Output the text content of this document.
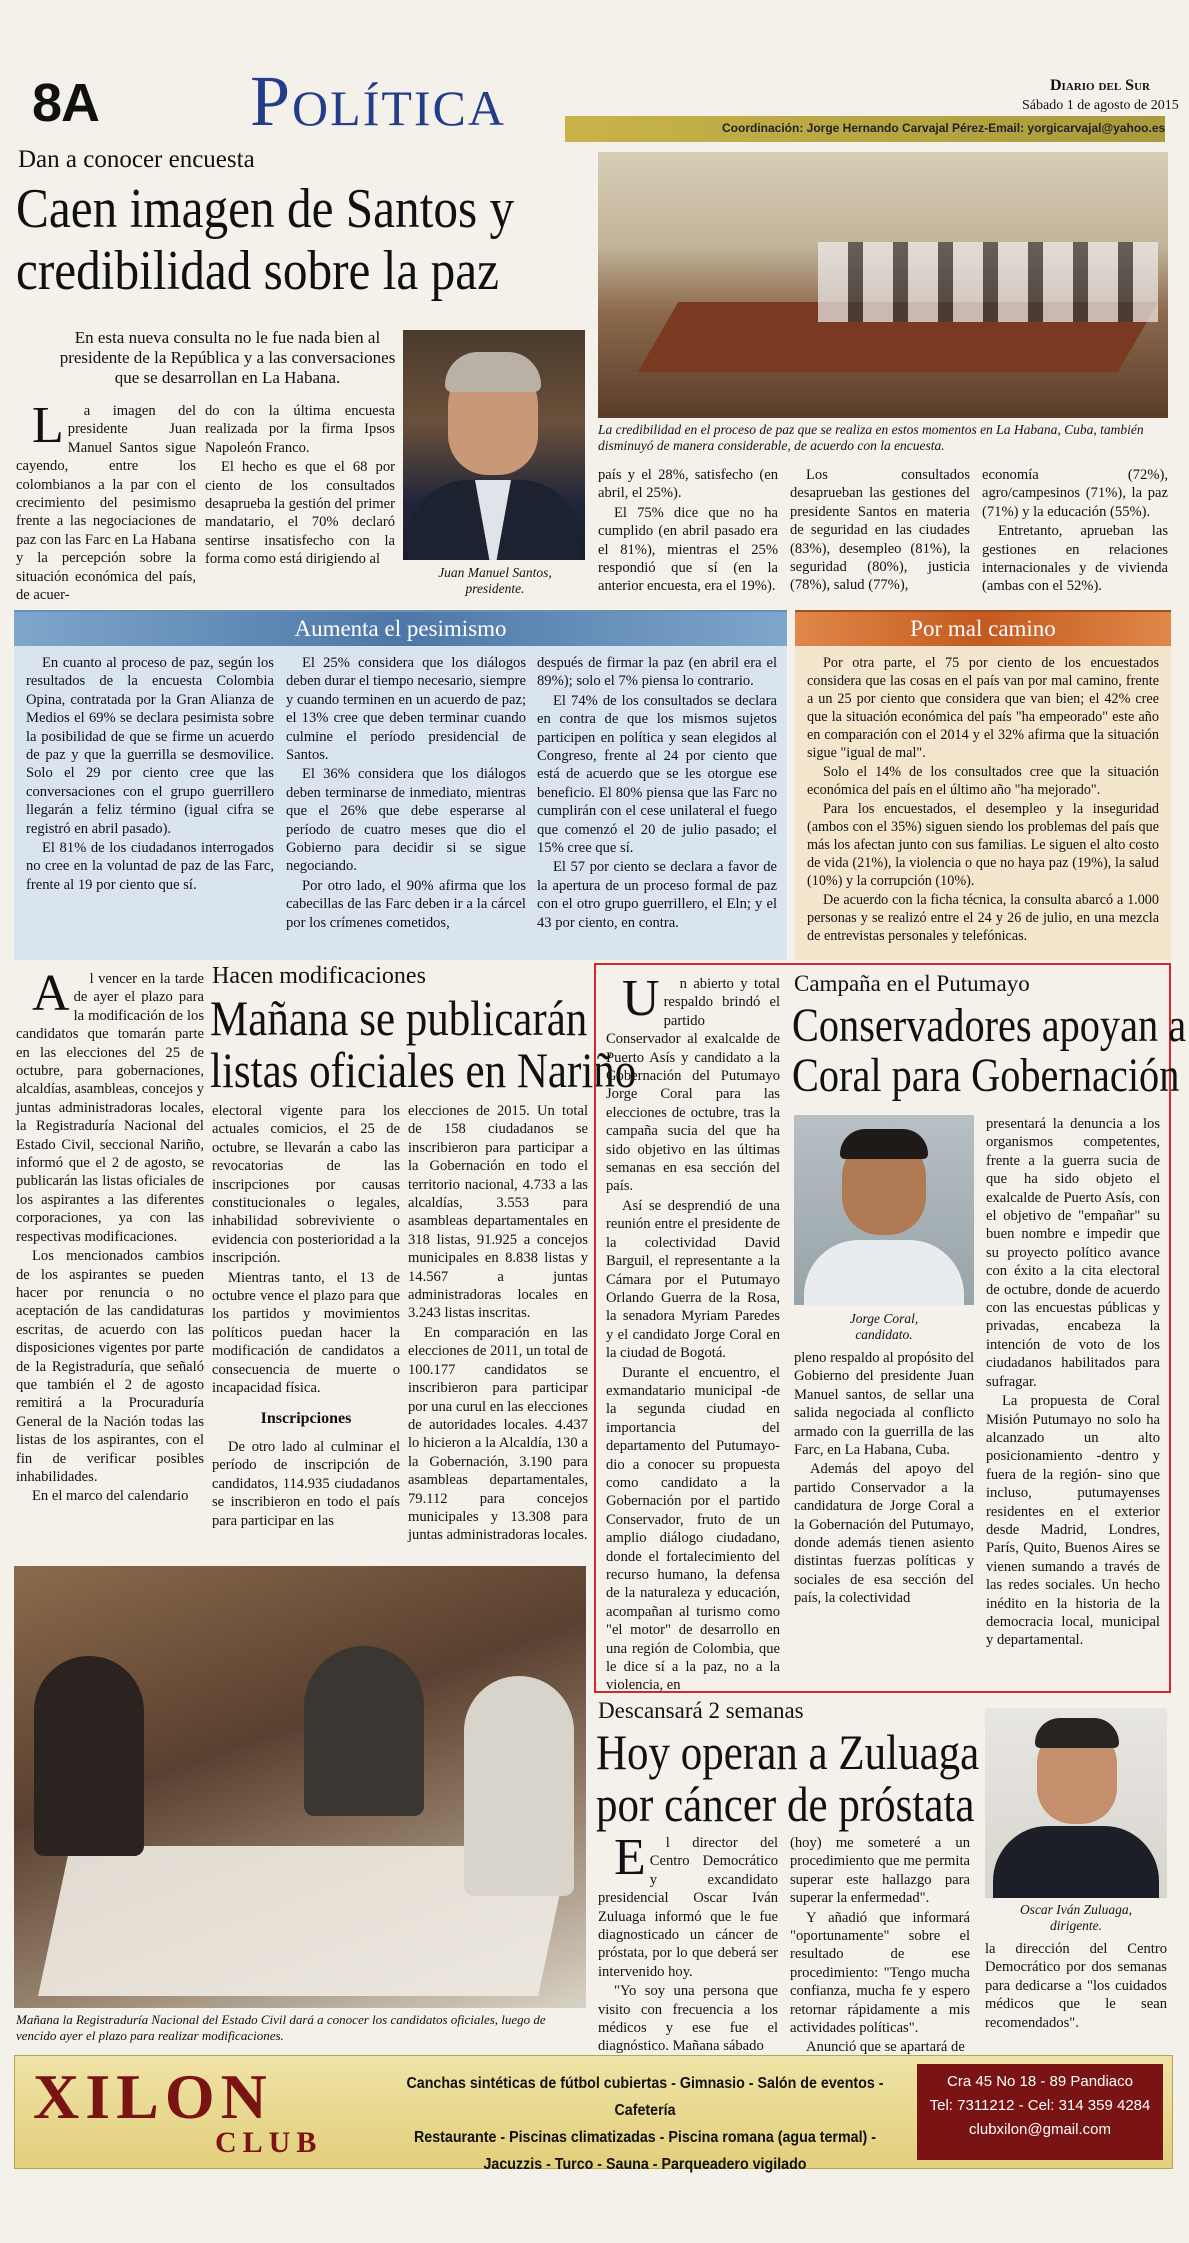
8A Política	Diario del Sur
Sábado 1 de agosto de 2015
Coordinación: Jorge Hernando Carvajal Pérez-Email: yorgicarvajal@yahoo.es
Dan a conocer encuesta
Caen imagen de Santos y
credibilidad sobre la paz
En esta nueva consulta no le fue nada bien al presidente de la República y a las conversaciones que se desarrollan en La Habana.

La imagen del presidente Juan Manuel Santos sigue cayendo, entre los colombianos a la par con el crecimiento del pesimismo frente a las negociaciones de paz con las Farc en La Habana y la percepción sobre la situación económica del país, de acuer-

do con la última encuesta realizada por la firma Ipsos Napoleón Franco.

El hecho es que el 68 por ciento de los consultados desaprueba la gestión del primer mandatario, el 70% declaró sentirse insatisfecho con la forma como está dirigiendo al

Juan Manuel Santos,
presidente.
La credibilidad en el proceso de paz que se realiza en estos momentos en La Habana, Cuba, también disminuyó de manera considerable, de acuerdo con la encuesta.

país y el 28%, satisfecho (en abril, el 25%).

El 75% dice que no ha cumplido (en abril pasado era el 81%), mientras el 25% respondió que sí (en la anterior encuesta, era el 19%).

Los consultados desaprueban las gestiones del presidente Santos en materia de seguridad en las ciudades (83%), desempleo (81%), la seguridad (80%), justicia (78%), salud (77%),

economía (72%), agro/campesinos (71%), la paz (71%) y la educación (55%).

Entretanto, aprueban las gestiones en relaciones internacionales y de vivienda (ambas con el 52%).

Aumenta el pesimismo

En cuanto al proceso de paz, según los resultados de la encuesta Colombia Opina, contratada por la Gran Alianza de Medios el 69% se declara pesimista sobre la posibilidad de que se firme un acuerdo de paz y que la guerrilla se desmovilice. Solo el 29 por ciento cree que las conversaciones con el grupo guerrillero llegarán a feliz término (igual cifra se registró en abril pasado).

El 81% de los ciudadanos interrogados no cree en la voluntad de paz de las Farc, frente al 19 por ciento que sí.

El 25% considera que los diálogos deben durar el tiempo necesario, siempre y cuando terminen en un acuerdo de paz; el 13% cree que deben terminar cuando culmine el período presidencial de Santos.

El 36% considera que los diálogos deben terminarse de inmediato, mientras que el 26% que debe esperarse al período de cuatro meses que dio el Gobierno para decidir si se sigue negociando.

Por otro lado, el 90% afirma que los cabecillas de las Farc deben ir a la cárcel por los crímenes cometidos,

después de firmar la paz (en abril era el 89%); solo el 7% piensa lo contrario.

El 74% de los consultados se declara en contra de que los mismos sujetos participen en política y sean elegidos al Congreso, frente al 24 por ciento que está de acuerdo que se les otorgue ese beneficio. El 80% piensa que las Farc no cumplirán con el cese unilateral el fuego que comenzó el 20 de julio pasado; el 15% cree que sí.

El 57 por ciento se declara a favor de la apertura de un proceso formal de paz con el otro grupo guerrillero, el Eln; y el 43 por ciento, en contra.

Por mal camino

Por otra parte, el 75 por ciento de los encuestados considera que las cosas en el país van por mal camino, frente a un 25 por ciento que considera que van bien; el 42% cree que la situación económica del país "ha empeorado" este año en comparación con el 2014 y el 32% afirma que la situación sigue "igual de mal".

Solo el 14% de los consultados cree que la situación económica del país en el último año "ha mejorado".

Para los encuestados, el desempleo y la inseguridad (ambos con el 35%) siguen siendo los problemas del país que más los afectan junto con sus familias. Le siguen el alto costo de vida (21%), la violencia o que no haya paz (19%), la salud (10%) y la corrupción (10%).

De acuerdo con la ficha técnica, la consulta abarcó a 1.000 personas y se realizó entre el 24 y 26 de julio, en una mezcla de entrevistas personales y telefónicas.

Al vencer en la tarde de ayer el plazo para la modificación de los candidatos que tomarán parte en las elecciones del 25 de octubre, para gobernaciones, alcaldías, asambleas, concejos y juntas administradoras locales, la Registraduría Nacional del Estado Civil, seccional Nariño, informó que el 2 de agosto, se publicarán las listas oficiales de los aspirantes a las diferentes corporaciones, ya con las respectivas modificaciones.

Los mencionados cambios de los aspirantes se pueden hacer por renuncia o no aceptación de las candidaturas escritas, de acuerdo con las disposiciones vigentes por parte de la Registraduría, que señaló que también el 2 de agosto remitirá a la Procuraduría General de la Nación todas las listas de los aspirantes, con el fin de verificar posibles inhabilidades.

En el marco del calendario

Hacen modificaciones
Mañana se publicarán
listas oficiales en Nariño

electoral vigente para los actuales comicios, el 25 de octubre, se llevarán a cabo las revocatorias de las inscripciones por causas constitucionales o legales, inhabilidad sobreviviente o evidencia con posterioridad a la inscripción.

Mientras tanto, el 13 de octubre vence el plazo para que los partidos y movimientos políticos puedan hacer la modificación de candidatos a consecuencia de muerte o incapacidad física.

Inscripciones

De otro lado al culminar el período de inscripción de candidatos, 114.935 ciudadanos se inscribieron en todo el país para participar en las

elecciones de 2015. Un total de 158 ciudadanos se inscribieron para participar a la Gobernación en todo el territorio nacional, 4.733 a las alcaldías, 3.553 para asambleas departamentales en 318 listas, 91.925 a concejos municipales en 8.838 listas y 14.567 a juntas administradoras locales en 3.243 listas inscritas.

En comparación en las elecciones de 2011, un total de 100.177 candidatos se inscribieron para participar por una curul en las elecciones de autoridades locales. 4.437 lo hicieron a la Alcaldía, 130 a la Gobernación, 3.190 para asambleas departamentales, 79.112 para concejos municipales y 13.308 para juntas administradoras locales.

Mañana la Registraduría Nacional del Estado Civil dará a conocer los candidatos oficiales, luego de vencido ayer el plazo para realizar modificaciones.

Un abierto y total respaldo brindó el partido Conservador al exalcalde de Puerto Asís y candidato a la Gobernación del Putumayo Jorge Coral para las elecciones de octubre, tras la campaña sucia del que ha sido objetivo en las últimas semanas en esa sección del país.

Así se desprendió de una reunión entre el presidente de la colectividad David Barguil, el representante a la Cámara por el Putumayo Orlando Guerra de la Rosa, la senadora Myriam Paredes y el candidato Jorge Coral en la ciudad de Bogotá.

Durante el encuentro, el exmandatario municipal -de la segunda ciudad en importancia del departamento del Putumayo- dio a conocer su propuesta como candidato a la Gobernación por el partido Conservador, fruto de un amplio diálogo ciudadano, donde el fortalecimiento del recurso humano, la defensa de la naturaleza y educación, acompañan al turismo como "el motor" de desarrollo en una región de Colombia, que le dice sí a la paz, no a la violencia, en

Campaña en el Putumayo
Conservadores apoyan a
Coral para Gobernación
Jorge Coral,
candidato.

pleno respaldo al propósito del Gobierno del presidente Juan Manuel santos, de sellar una salida negociada al conflicto armado con la guerrilla de las Farc, en La Habana, Cuba.

Además del apoyo del partido Conservador a la candidatura de Jorge Coral a la Gobernación del Putumayo, donde además tienen asiento distintas fuerzas políticas y sociales de esa sección del país, la colectividad

presentará la denuncia a los organismos competentes, frente a la guerra sucia de que ha sido objeto el exalcalde de Puerto Asís, con el objetivo de "empañar" su buen nombre e impedir que su proyecto político avance con éxito a la cita electoral de octubre, donde de acuerdo con las encuestas públicas y privadas, encabeza la intención de voto de los ciudadanos habilitados para sufragar.

La propuesta de Coral Misión Putumayo no solo ha alcanzado un alto posicionamiento -dentro y fuera de la región- sino que incluso, putumayenses residentes en el exterior desde Madrid, Londres, París, Quito, Buenos Aires se vienen sumando a través de las redes sociales. Un hecho inédito en la historia de la democracia local, municipal y departamental.

Descansará 2 semanas
Hoy operan a Zuluaga
por cáncer de próstata

El director del Centro Democrático y excandidato presidencial Oscar Iván Zuluaga informó que le fue diagnosticado un cáncer de próstata, por lo que deberá ser intervenido hoy.

"Yo soy una persona que visito con frecuencia a los médicos y ese fue el diagnóstico. Mañana sábado

(hoy) me someteré a un procedimiento que me permita superar este hallazgo para superar la enfermedad".

Y añadió que informará "oportunamente" sobre el resultado de ese procedimiento: "Tengo mucha confianza, mucha fe y espero retornar rápidamente a mis actividades políticas".

Anunció que se apartará de

Oscar Iván Zuluaga,
dirigente.

la dirección del Centro Democrático por dos semanas para dedicarse a "los cuidados médicos que le sean recomendados".

XILON
CLUB
Canchas sintéticas de fútbol cubiertas - Gimnasio - Salón de eventos - Cafetería
Restaurante - Piscinas climatizadas - Piscina romana (agua termal) -
Jacuzzis - Turco - Sauna - Parqueadero vigilado
Cra 45 No 18 - 89 Pandiaco
Tel: 7311212 - Cel: 314 359 4284
clubxilon@gmail.com
